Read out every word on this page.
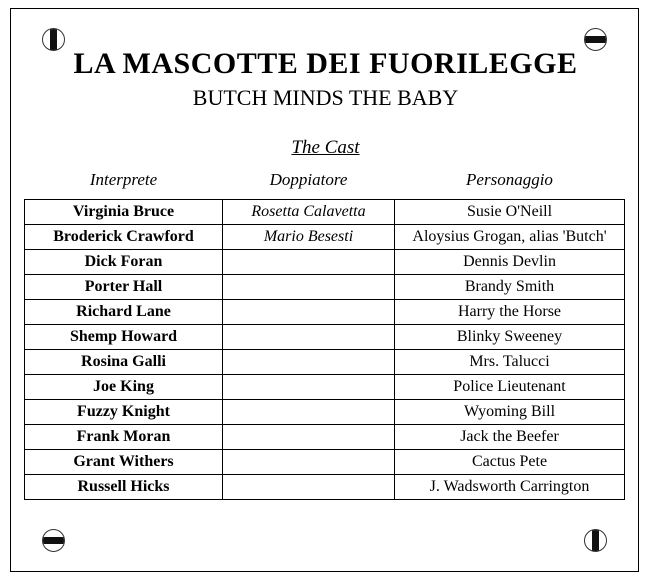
LA MASCOTTE DEI FUORILEGGE
BUTCH MINDS THE BABY
The Cast
Interprete	Doppiatore	Personaggio
Virginia Bruce	Rosetta Calavetta	Susie O'Neill
Broderick Crawford	Mario Besesti	Aloysius Grogan, alias 'Butch'
Dick Foran		Dennis Devlin
Porter Hall		Brandy Smith
Richard Lane		Harry the Horse
Shemp Howard		Blinky Sweeney
Rosina Galli		Mrs. Talucci
Joe King		Police Lieutenant
Fuzzy Knight		Wyoming Bill
Frank Moran		Jack the Beefer
Grant Withers		Cactus Pete
Russell Hicks		J. Wadsworth Carrington
